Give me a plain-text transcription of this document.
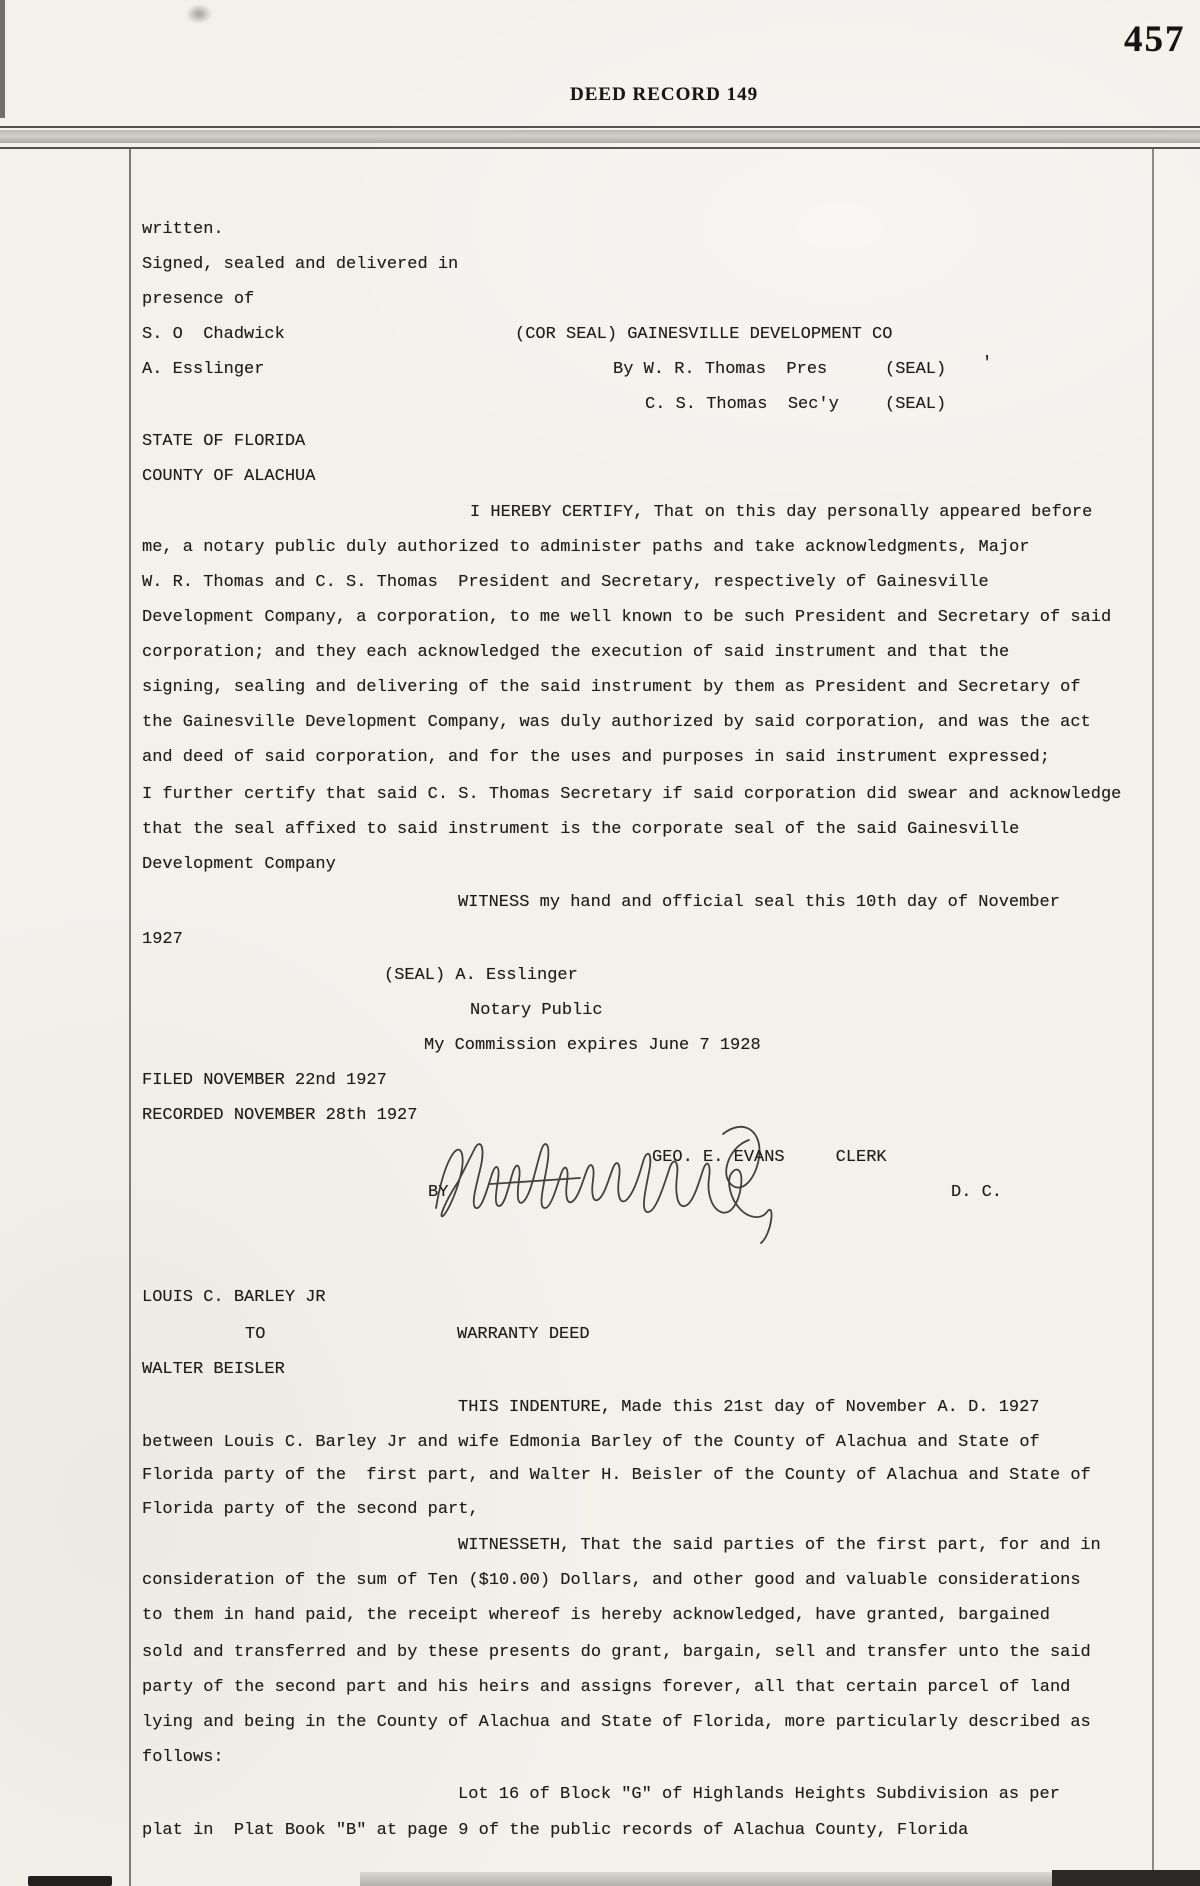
457
DEED RECORD 149
written.
Signed, sealed and delivered in
presence of
S. O  Chadwick	(COR SEAL) GAINESVILLE DEVELOPMENT CO
A. Esslinger	By W. R. Thomas  Pres	(SEAL) '
C. S. Thomas  Sec'y	(SEAL)
STATE OF FLORIDA
COUNTY OF ALACHUA
I HEREBY CERTIFY, That on this day personally appeared before
me, a notary public duly authorized to administer paths and take acknowledgments, Major
W. R. Thomas and C. S. Thomas  President and Secretary, respectively of Gainesville
Development Company, a corporation, to me well known to be such President and Secretary of said
corporation; and they each acknowledged the execution of said instrument and that the
signing, sealing and delivering of the said instrument by them as President and Secretary of
the Gainesville Development Company, was duly authorized by said corporation, and was the act
and deed of said corporation, and for the uses and purposes in said instrument expressed;
I further certify that said C. S. Thomas Secretary if said corporation did swear and acknowledge
that the seal affixed to said instrument is the corporate seal of the said Gainesville
Development Company
WITNESS my hand and official seal this 10th day of November
1927
(SEAL) A. Esslinger
Notary Public
My Commission expires June 7 1928
FILED NOVEMBER 22nd 1927
RECORDED NOVEMBER 28th 1927
GEO. E. EVANS     CLERK
BY	D. C.
LOUIS C. BARLEY JR
TO	WARRANTY DEED
WALTER BEISLER
THIS INDENTURE, Made this 21st day of November A. D. 1927
between Louis C. Barley Jr and wife Edmonia Barley of the County of Alachua and State of
Florida party of the  first part, and Walter H. Beisler of the County of Alachua and State of
Florida party of the second part,
WITNESSETH, That the said parties of the first part, for and in
consideration of the sum of Ten ($10.00) Dollars, and other good and valuable considerations
to them in hand paid, the receipt whereof is hereby acknowledged, have granted, bargained
sold and transferred and by these presents do grant, bargain, sell and transfer unto the said
party of the second part and his heirs and assigns forever, all that certain parcel of land
lying and being in the County of Alachua and State of Florida, more particularly described as
follows:
Lot 16 of Block "G" of Highlands Heights Subdivision as per
plat in  Plat Book "B" at page 9 of the public records of Alachua County, Florida
